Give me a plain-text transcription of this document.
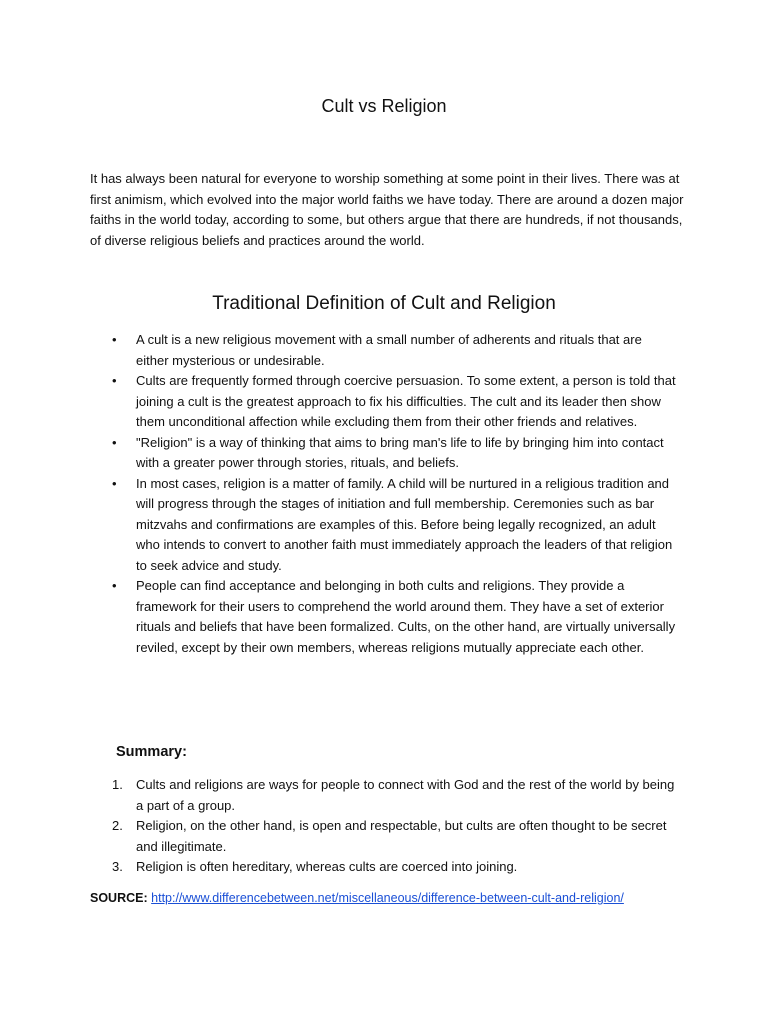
Cult vs Religion

It has always been natural for everyone to worship something at some point in their lives. There was at first animism, which evolved into the major world faiths we have today. There are around a dozen major faiths in the world today, according to some, but others argue that there are hundreds, if not thousands, of diverse religious beliefs and practices around the world.

Traditional Definition of Cult and Religion
• A cult is a new religious movement with a small number of adherents and rituals that are either mysterious or undesirable.
• Cults are frequently formed through coercive persuasion. To some extent, a person is told that joining a cult is the greatest approach to fix his difficulties. The cult and its leader then show them unconditional affection while excluding them from their other friends and relatives.
• "Religion" is a way of thinking that aims to bring man's life to life by bringing him into contact with a greater power through stories, rituals, and beliefs.
• In most cases, religion is a matter of family. A child will be nurtured in a religious tradition and will progress through the stages of initiation and full membership. Ceremonies such as bar mitzvahs and confirmations are examples of this. Before being legally recognized, an adult who intends to convert to another faith must immediately approach the leaders of that religion to seek advice and study.
• People can find acceptance and belonging in both cults and religions. They provide a framework for their users to comprehend the world around them. They have a set of exterior rituals and beliefs that have been formalized. Cults, on the other hand, are virtually universally reviled, except by their own members, whereas religions mutually appreciate each other.
Summary:
1. Cults and religions are ways for people to connect with God and the rest of the world by being a part of a group.
2. Religion, on the other hand, is open and respectable, but cults are often thought to be secret and illegitimate.
3. Religion is often hereditary, whereas cults are coerced into joining.
SOURCE: http://www.differencebetween.net/miscellaneous/difference-between-cult-and-religion/
